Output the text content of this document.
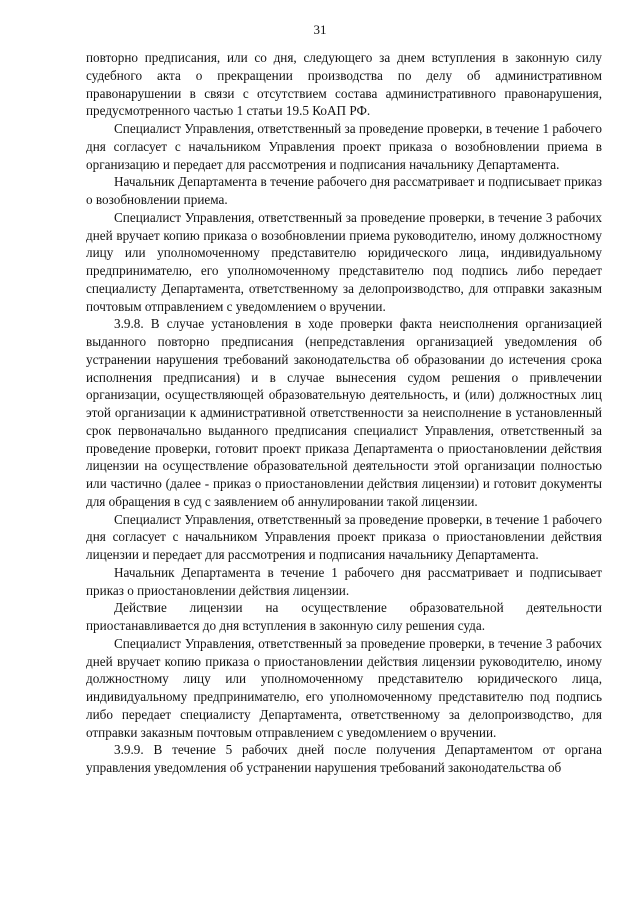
31

повторно предписания, или со дня, следующего за днем вступления в законную силу судебного акта о прекращении производства по делу об административном правонарушении в связи с отсутствием состава административного правонарушения, предусмотренного частью 1 статьи 19.5 КоАП РФ.

Специалист Управления, ответственный за проведение проверки, в течение 1 рабочего дня согласует с начальником Управления проект приказа о возобновлении приема в организацию и передает для рассмотрения и подписания начальнику Департамента.

Начальник Департамента в течение рабочего дня рассматривает и подписывает приказ о возобновлении приема.

Специалист Управления, ответственный за проведение проверки, в течение 3 рабочих дней вручает копию приказа о возобновлении приема руководителю, иному должностному лицу или уполномоченному представителю юридического лица, индивидуальному предпринимателю, его уполномоченному представителю под подпись либо передает специалисту Департамента, ответственному за делопроизводство, для отправки заказным почтовым отправлением с уведомлением о вручении.

3.9.8. В случае установления в ходе проверки факта неисполнения организацией выданного повторно предписания (непредставления организацией уведомления об устранении нарушения требований законодательства об образовании до истечения срока исполнения предписания) и в случае вынесения судом решения о привлечении организации, осуществляющей образовательную деятельность, и (или) должностных лиц этой организации к административной ответственности за неисполнение в установленный срок первоначально выданного предписания специалист Управления, ответственный за проведение проверки, готовит проект приказа Департамента о приостановлении действия лицензии на осуществление образовательной деятельности этой организации полностью или частично (далее - приказ о приостановлении действия лицензии) и готовит документы для обращения в суд с заявлением об аннулировании такой лицензии.

Специалист Управления, ответственный за проведение проверки, в течение 1 рабочего дня согласует с начальником Управления проект приказа о приостановлении действия лицензии и передает для рассмотрения и подписания начальнику Департамента.

Начальник Департамента в течение 1 рабочего дня рассматривает и подписывает приказ о приостановлении действия лицензии.

Действие лицензии на осуществление образовательной деятельности приостанавливается до дня вступления в законную силу решения суда.

Специалист Управления, ответственный за проведение проверки, в течение 3 рабочих дней вручает копию приказа о приостановлении действия лицензии руководителю, иному должностному лицу или уполномоченному представителю юридического лица, индивидуальному предпринимателю, его уполномоченному представителю под подпись либо передает специалисту Департамента, ответственному за делопроизводство, для отправки заказным почтовым отправлением с уведомлением о вручении.

3.9.9. В течение 5 рабочих дней после получения Департаментом от органа управления уведомления об устранении нарушения требований законодательства об
